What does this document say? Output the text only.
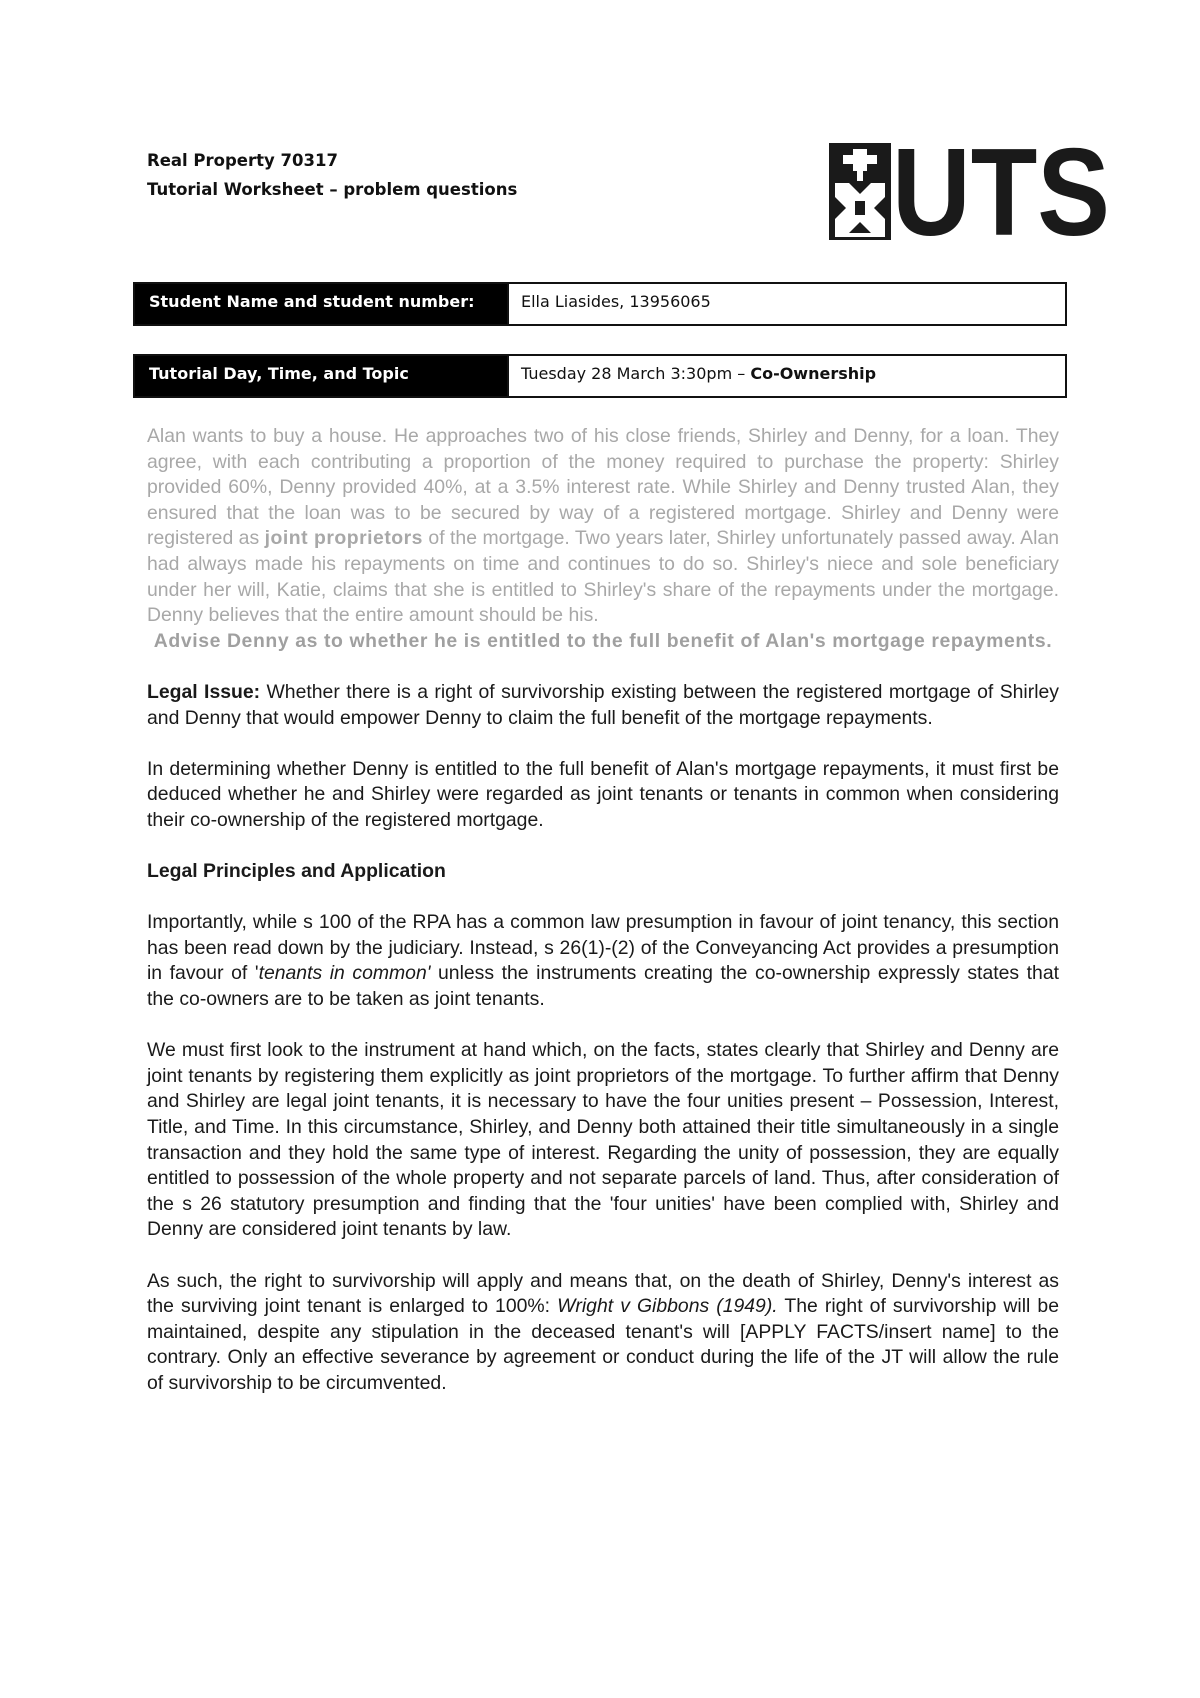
Real Property 70317
Tutorial Worksheet – problem questions	UTS
Student Name and student number:	Ella Liasides, 13956065
Tutorial Day, Time, and Topic	Tuesday 28 March 3:30pm – Co-Ownership

Alan wants to buy a house. He approaches two of his close friends, Shirley and Denny, for a loan. They agree, with each contributing a proportion of the money required to purchase the property: Shirley provided 60%, Denny provided 40%, at a 3.5% interest rate. While Shirley and Denny trusted Alan, they ensured that the loan was to be secured by way of a registered mortgage. Shirley and Denny were registered as joint proprietors of the mortgage. Two years later, Shirley unfortunately passed away. Alan had always made his repayments on time and continues to do so. Shirley's niece and sole beneficiary under her will, Katie, claims that she is entitled to Shirley's share of the repayments under the mortgage. Denny believes that the entire amount should be his.

Advise Denny as to whether he is entitled to the full benefit of Alan's mortgage repayments.

Legal Issue: Whether there is a right of survivorship existing between the registered mortgage of Shirley and Denny that would empower Denny to claim the full benefit of the mortgage repayments.

In determining whether Denny is entitled to the full benefit of Alan's mortgage repayments, it must first be deduced whether he and Shirley were regarded as joint tenants or tenants in common when considering their co-ownership of the registered mortgage.

Legal Principles and Application

Importantly, while s 100 of the RPA has a common law presumption in favour of joint tenancy, this section has been read down by the judiciary. Instead, s 26(1)-(2) of the Conveyancing Act provides a presumption in favour of 'tenants in common' unless the instruments creating the co-ownership expressly states that the co-owners are to be taken as joint tenants.

We must first look to the instrument at hand which, on the facts, states clearly that Shirley and Denny are joint tenants by registering them explicitly as joint proprietors of the mortgage. To further affirm that Denny and Shirley are legal joint tenants, it is necessary to have the four unities present – Possession, Interest, Title, and Time. In this circumstance, Shirley, and Denny both attained their title simultaneously in a single transaction and they hold the same type of interest. Regarding the unity of possession, they are equally entitled to possession of the whole property and not separate parcels of land. Thus, after consideration of the s 26 statutory presumption and finding that the 'four unities' have been complied with, Shirley and Denny are considered joint tenants by law.

As such, the right to survivorship will apply and means that, on the death of Shirley, Denny's interest as the surviving joint tenant is enlarged to 100%: Wright v Gibbons (1949). The right of survivorship will be maintained, despite any stipulation in the deceased tenant's will [APPLY FACTS/insert name] to the contrary. Only an effective severance by agreement or conduct during the life of the JT will allow the rule of survivorship to be circumvented.
